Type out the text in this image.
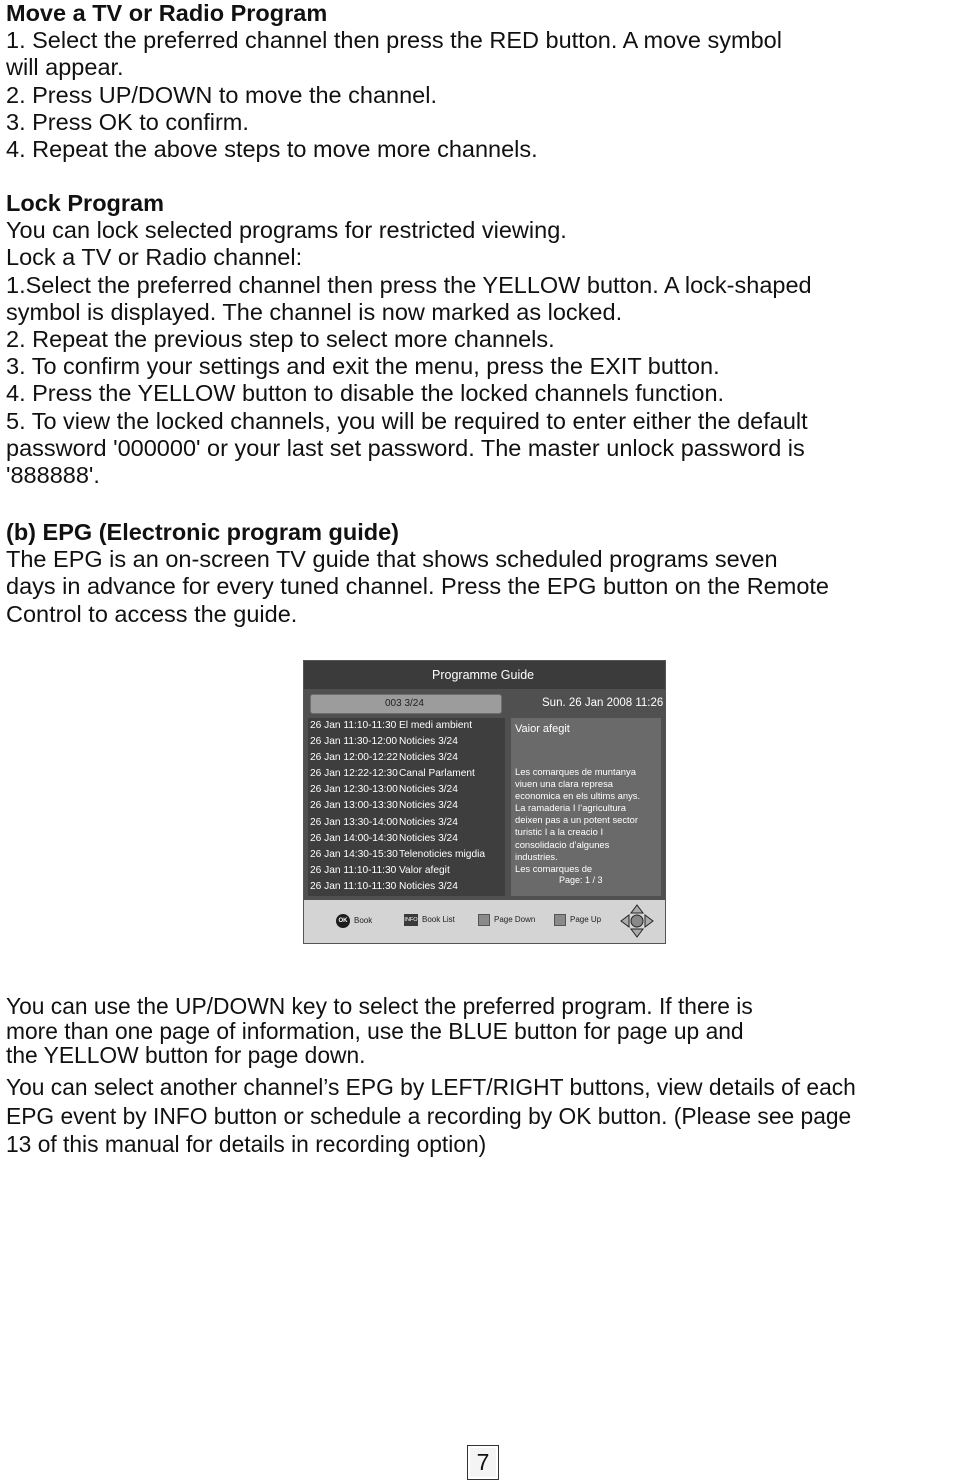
Move a TV or Radio Program
1. Select the preferred channel then press the RED button. A move symbol
will appear.
2. Press UP/DOWN to move the channel.
3. Press OK to confirm.
4. Repeat the above steps to move more channels.
Lock Program
You can lock selected programs for restricted viewing.
Lock a TV or Radio channel:
1.Select the preferred channel then press the YELLOW button. A lock-shaped
symbol is displayed. The channel is now marked as locked.
2. Repeat the previous step to select more channels.
3. To confirm your settings and exit the menu, press the EXIT button.
4. Press the YELLOW button to disable the locked channels function.
5. To view the locked channels, you will be required to enter either the default
password '000000' or your last set password. The master unlock password is
'888888'.
(b) EPG (Electronic program guide)
The EPG is an on-screen TV guide that shows scheduled programs seven
days in advance for every tuned channel. Press the EPG button on the Remote
Control to access the guide.
Programme Guide
003 3/24	Sun. 26 Jan 2008 11:26
26 Jan 11:10-11:30 El medi ambient
26 Jan 11:30-12:00 Noticies 3/24
26 Jan 12:00-12:22Noticies 3/24
26 Jan 12:22-12:30Canal Parlament
26 Jan 12:30-13:00Noticies 3/24
26 Jan 13:00-13:30Noticies 3/24
26 Jan 13:30-14:00Noticies 3/24
26 Jan 14:00-14:30Noticies 3/24
26 Jan 14:30-15:30Telenoticies migdia
26 Jan 11:10-11:30 Valor afegit
26 Jan 11:10-11:30 Noticies 3/24
Vaior afegit
Les comarques de muntanya
viuen una clara represa
economica en els ultims anys.
La ramaderia I l’agricultura
deixen pas a un potent sector
turistic I a la creacio I
consolidacio d’algunes
industries.
Les comarques de
Page: 1 / 3
OK Book	INFO Book List	Page Down	Page Up
You can use the UP/DOWN key to select the preferred program. If there is
more than one page of information, use the BLUE button for page up and
the YELLOW button for page down.
You can select another channel’s EPG by LEFT/RIGHT buttons, view details of each
EPG event by INFO button or schedule a recording by OK button. (Please see page
13 of this manual for details in recording option)
7
